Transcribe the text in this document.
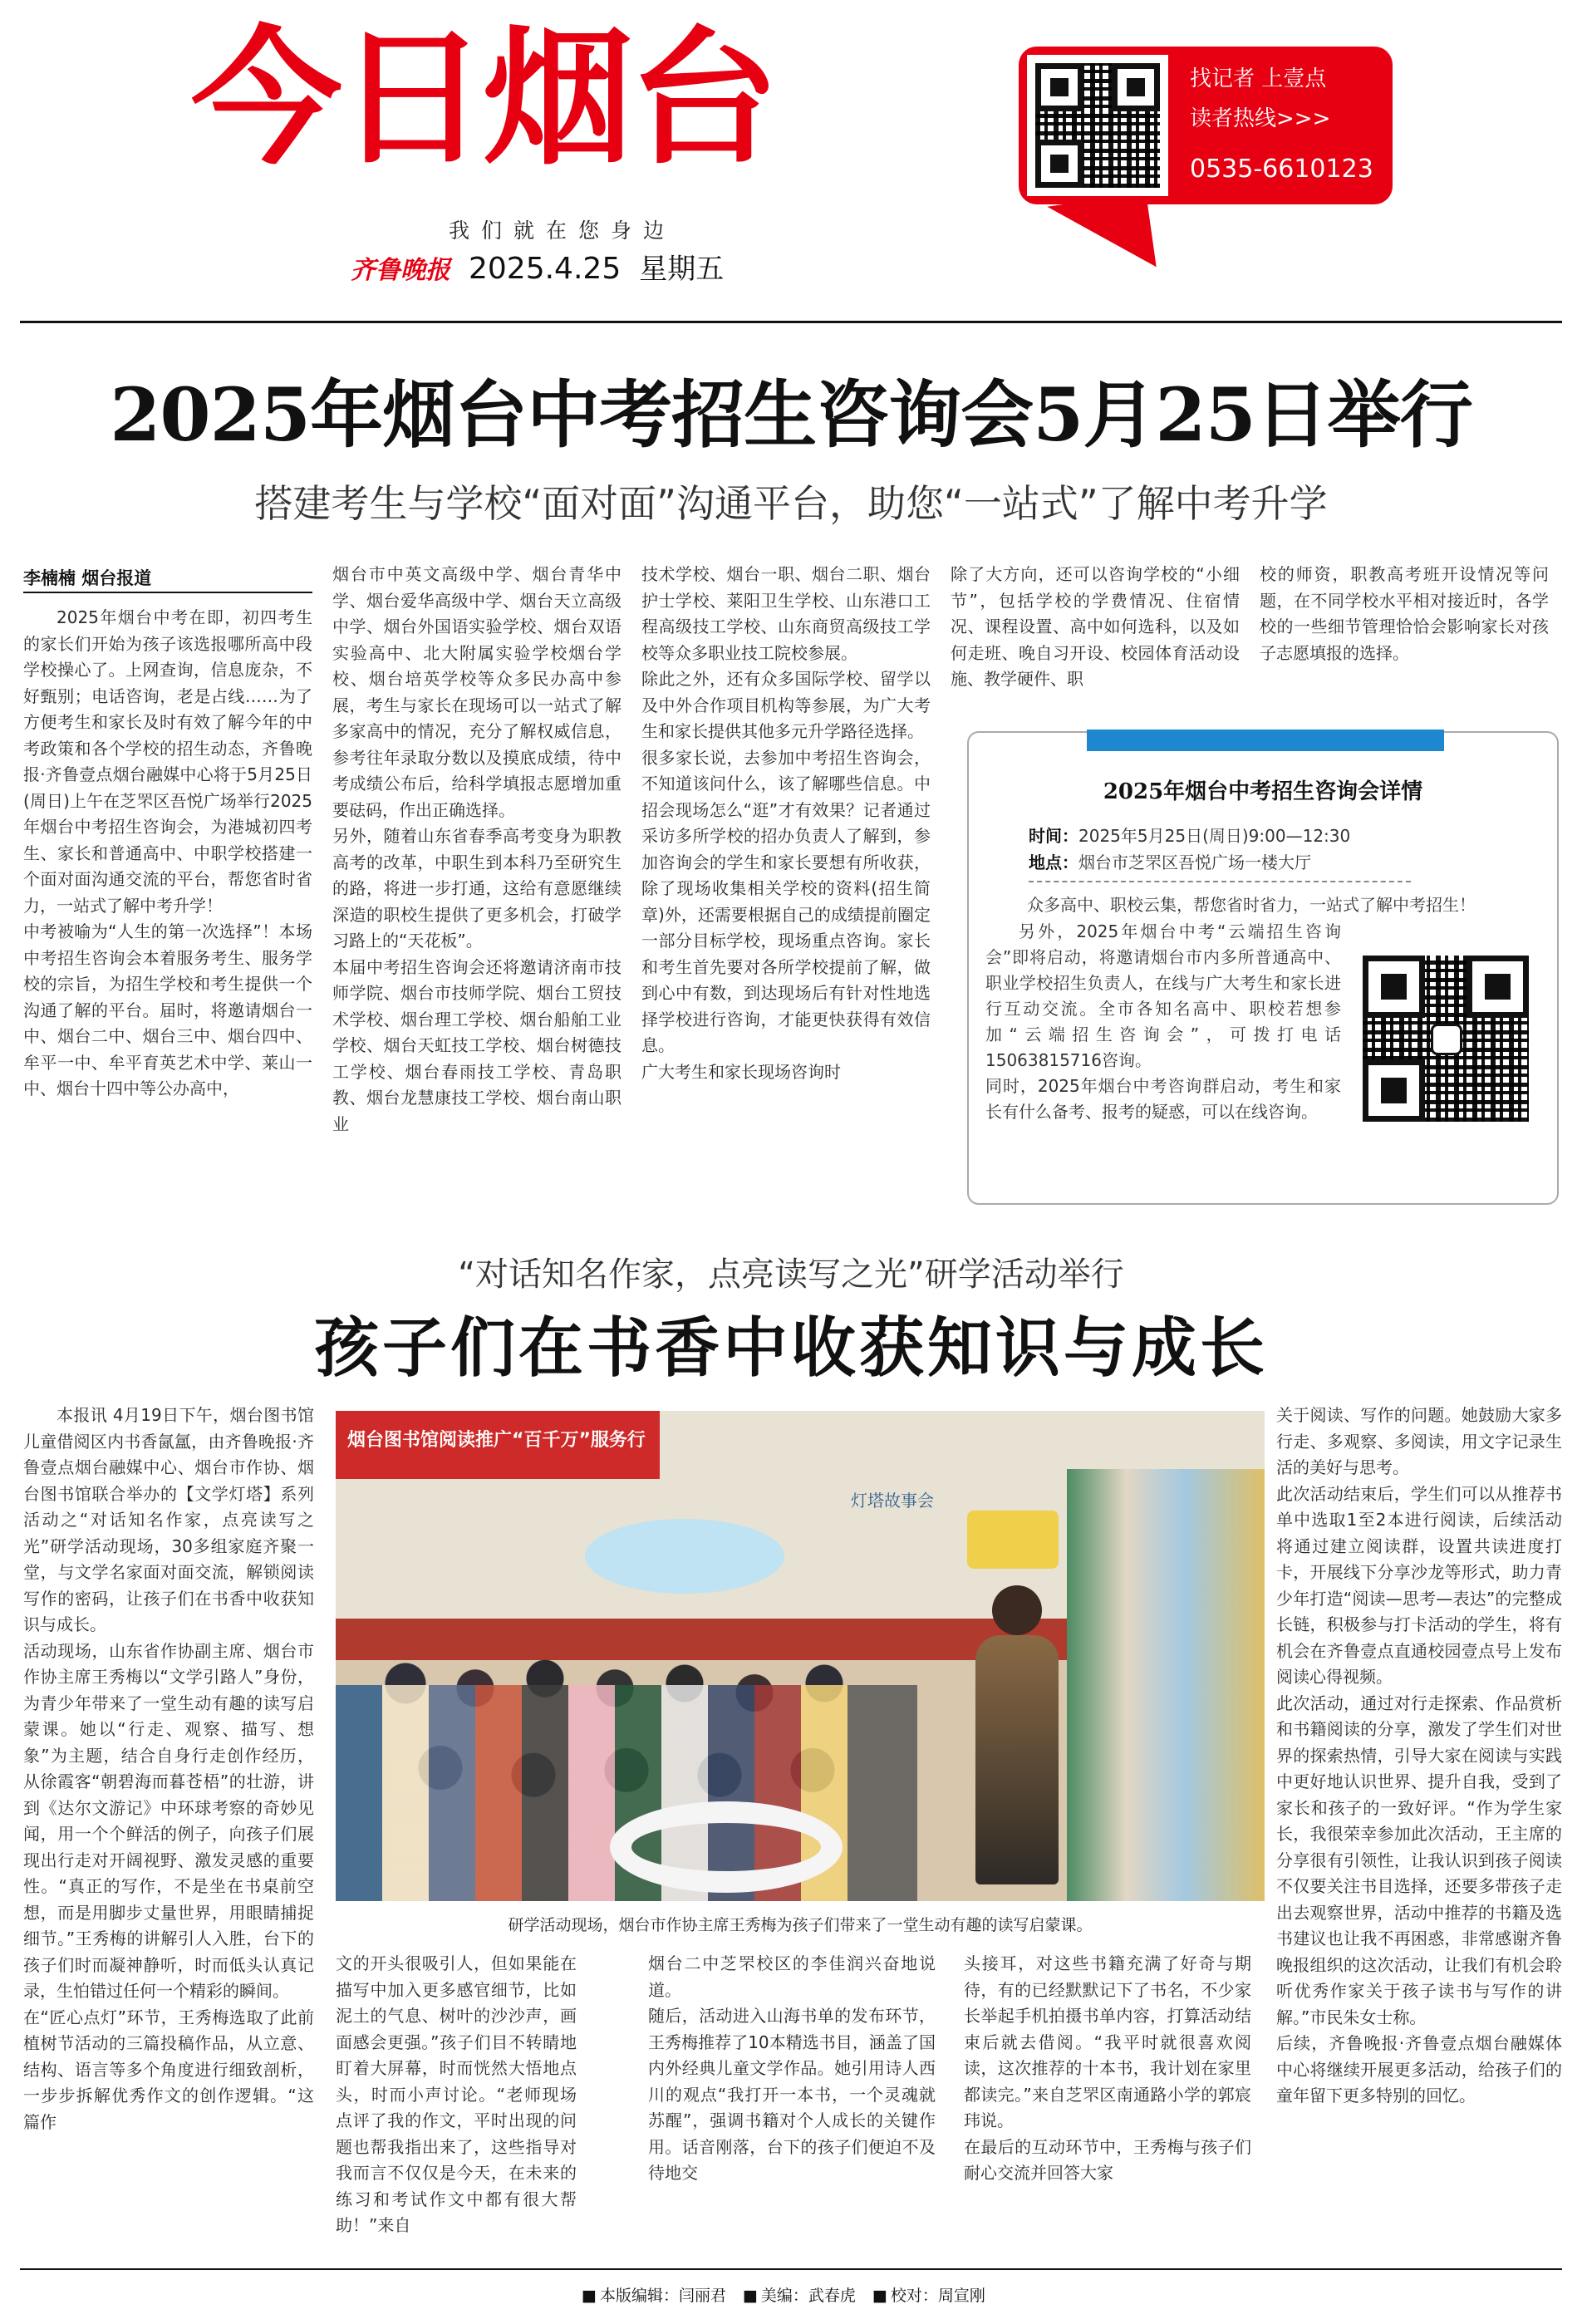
今日烟台
我们就在您身边
齐鲁晚报 2025.4.25 星期五
找记者 上壹点
读者热线>>>
0535-6610123
2025年烟台中考招生咨询会5月25日举行
搭建考生与学校“面对面”沟通平台，助您“一站式”了解中考升学
李楠楠 烟台报道

2025年烟台中考在即，初四考生的家长们开始为孩子该选报哪所高中段学校操心了。上网查询，信息庞杂，不好甄别；电话咨询，老是占线……为了方便考生和家长及时有效了解今年的中考政策和各个学校的招生动态，齐鲁晚报·齐鲁壹点烟台融媒中心将于5月25日(周日)上午在芝罘区吾悦广场举行2025年烟台中考招生咨询会，为港城初四考生、家长和普通高中、中职学校搭建一个面对面沟通交流的平台，帮您省时省力，一站式了解中考升学！
中考被喻为“人生的第一次选择”！本场中考招生咨询会本着服务考生、服务学校的宗旨，为招生学校和考生提供一个沟通了解的平台。届时，将邀请烟台一中、烟台二中、烟台三中、烟台四中、牟平一中、牟平育英艺术中学、莱山一中、烟台十四中等公办高中，

烟台市中英文高级中学、烟台青华中学、烟台爱华高级中学、烟台天立高级中学、烟台外国语实验学校、烟台双语实验高中、北大附属实验学校烟台学校、烟台培英学校等众多民办高中参展，考生与家长在现场可以一站式了解多家高中的情况，充分了解权威信息，参考往年录取分数以及摸底成绩，待中考成绩公布后，给科学填报志愿增加重要砝码，作出正确选择。
另外，随着山东省春季高考变身为职教高考的改革，中职生到本科乃至研究生的路，将进一步打通，这给有意愿继续深造的职校生提供了更多机会，打破学习路上的“天花板”。
本届中考招生咨询会还将邀请济南市技师学院、烟台市技师学院、烟台工贸技术学校、烟台理工学校、烟台船舶工业学校、烟台天虹技工学校、烟台树德技工学校、烟台春雨技工学校、青岛职教、烟台龙慧康技工学校、烟台南山职业

技术学校、烟台一职、烟台二职、烟台护士学校、莱阳卫生学校、山东港口工程高级技工学校、山东商贸高级技工学校等众多职业技工院校参展。
除此之外，还有众多国际学校、留学以及中外合作项目机构等参展，为广大考生和家长提供其他多元升学路径选择。
很多家长说，去参加中考招生咨询会，不知道该问什么，该了解哪些信息。中招会现场怎么“逛”才有效果？记者通过采访多所学校的招办负责人了解到，参加咨询会的学生和家长要想有所收获，除了现场收集相关学校的资料(招生简章)外，还需要根据自己的成绩提前圈定一部分目标学校，现场重点咨询。家长和考生首先要对各所学校提前了解，做到心中有数，到达现场后有针对性地选择学校进行咨询，才能更快获得有效信息。
广大考生和家长现场咨询时

除了大方向，还可以咨询学校的“小细节”，包括学校的学费情况、住宿情况、课程设置、高中如何选科，以及如何走班、晚自习开设、校园体育活动设施、教学硬件、职

校的师资，职教高考班开设情况等问题，在不同学校水平相对接近时，各学校的一些细节管理恰恰会影响家长对孩子志愿填报的选择。

2025年烟台中考招生咨询会详情
时间：2025年5月25日(周日)9:00—12:30
地点：烟台市芝罘区吾悦广场一楼大厅
众多高中、职校云集，帮您省时省力，一站式了解中考招生！
另外，2025年烟台中考“云端招生咨询会”即将启动，将邀请烟台市内多所普通高中、职业学校招生负责人，在线与广大考生和家长进行互动交流。全市各知名高中、职校若想参加“云端招生咨询会”，可拨打电话15063815716咨询。
同时，2025年烟台中考咨询群启动，考生和家长有什么备考、报考的疑惑，可以在线咨询。
“对话知名作家，点亮读写之光”研学活动举行
孩子们在书香中收获知识与成长

本报讯 4月19日下午，烟台图书馆儿童借阅区内书香氤氲，由齐鲁晚报·齐鲁壹点烟台融媒中心、烟台市作协、烟台图书馆联合举办的【文学灯塔】系列活动之“对话知名作家，点亮读写之光”研学活动现场，30多组家庭齐聚一堂，与文学名家面对面交流，解锁阅读写作的密码，让孩子们在书香中收获知识与成长。
活动现场，山东省作协副主席、烟台市作协主席王秀梅以“文学引路人”身份，为青少年带来了一堂生动有趣的读写启蒙课。她以“行走、观察、描写、想象”为主题，结合自身行走创作经历，从徐霞客“朝碧海而暮苍梧”的壮游，讲到《达尔文游记》中环球考察的奇妙见闻，用一个个鲜活的例子，向孩子们展现出行走对开阔视野、激发灵感的重要性。“真正的写作，不是坐在书桌前空想，而是用脚步丈量世界，用眼睛捕捉细节。”王秀梅的讲解引人入胜，台下的孩子们时而凝神静听，时而低头认真记录，生怕错过任何一个精彩的瞬间。
在“匠心点灯”环节，王秀梅选取了此前植树节活动的三篇投稿作品，从立意、结构、语言等多个角度进行细致剖析，一步步拆解优秀作文的创作逻辑。“这篇作

烟台图书馆阅读推广“百千万”服务行
灯塔故事会
研学活动现场，烟台市作协主席王秀梅为孩子们带来了一堂生动有趣的读写启蒙课。

文的开头很吸引人，但如果能在描写中加入更多感官细节，比如泥土的气息、树叶的沙沙声，画面感会更强。”孩子们目不转睛地盯着大屏幕，时而恍然大悟地点头，时而小声讨论。“老师现场点评了我的作文，平时出现的问题也帮我指出来了，这些指导对我而言不仅仅是今天，在未来的练习和考试作文中都有很大帮助！”来自

烟台二中芝罘校区的李佳润兴奋地说道。
随后，活动进入山海书单的发布环节，王秀梅推荐了10本精选书目，涵盖了国内外经典儿童文学作品。她引用诗人西川的观点“我打开一本书，一个灵魂就苏醒”，强调书籍对个人成长的关键作用。话音刚落，台下的孩子们便迫不及待地交

头接耳，对这些书籍充满了好奇与期待，有的已经默默记下了书名，不少家长举起手机拍摄书单内容，打算活动结束后就去借阅。“我平时就很喜欢阅读，这次推荐的十本书，我计划在家里都读完。”来自芝罘区南通路小学的郭宸玮说。
在最后的互动环节中，王秀梅与孩子们耐心交流并回答大家

关于阅读、写作的问题。她鼓励大家多行走、多观察、多阅读，用文字记录生活的美好与思考。
此次活动结束后，学生们可以从推荐书单中选取1至2本进行阅读，后续活动将通过建立阅读群，设置共读进度打卡，开展线下分享沙龙等形式，助力青少年打造“阅读—思考—表达”的完整成长链，积极参与打卡活动的学生，将有机会在齐鲁壹点直通校园壹点号上发布阅读心得视频。
此次活动，通过对行走探索、作品赏析和书籍阅读的分享，激发了学生们对世界的探索热情，引导大家在阅读与实践中更好地认识世界、提升自我，受到了家长和孩子的一致好评。“作为学生家长，我很荣幸参加此次活动，王主席的分享很有引领性，让我认识到孩子阅读不仅要关注书目选择，还要多带孩子走出去观察世界，活动中推荐的书籍及选书建议也让我不再困惑，非常感谢齐鲁晚报组织的这次活动，让我们有机会聆听优秀作家关于孩子读书与写作的讲解。”市民朱女士称。
后续，齐鲁晚报·齐鲁壹点烟台融媒体中心将继续开展更多活动，给孩子们的童年留下更多特别的回忆。

■ 本版编辑：闫丽君	■ 美编：武春虎	■ 校对：周宣刚
